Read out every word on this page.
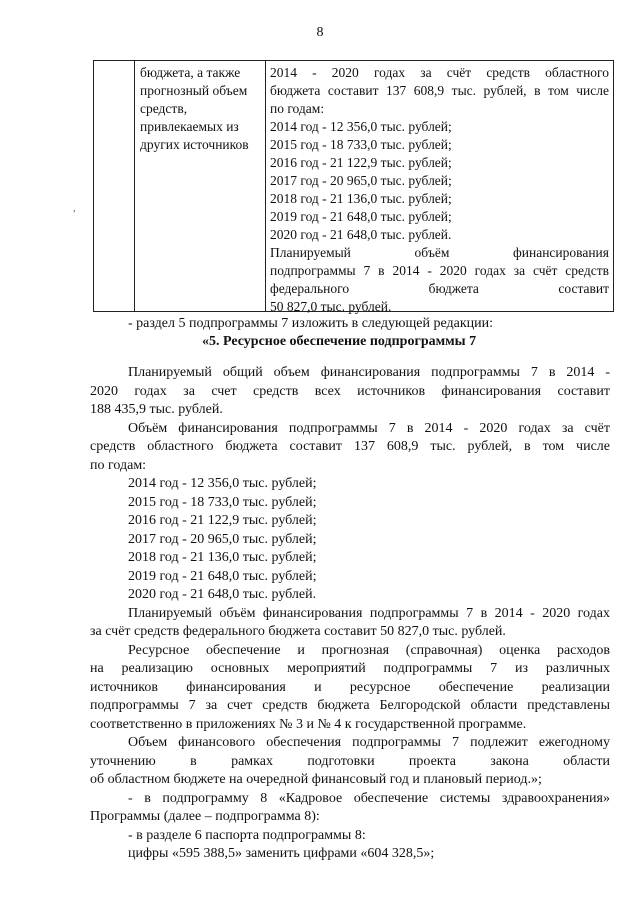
8
,
бюджета, а также
прогнозный объем
средств,
привлекаемых из
других источников
2014 - 2020 годах за счёт средств областного
бюджета составит 137 608,9 тыс. рублей, в том числе
по годам:
2014 год - 12 356,0 тыс. рублей;
2015 год - 18 733,0 тыс. рублей;
2016 год - 21 122,9 тыс. рублей;
2017 год - 20 965,0 тыс. рублей;
2018 год - 21 136,0 тыс. рублей;
2019 год - 21 648,0 тыс. рублей;
2020 год - 21 648,0 тыс. рублей.
Планируемый объём финансирования
подпрограммы 7 в 2014 - 2020 годах за счёт средств
федерального бюджета составит
50 827,0 тыс. рублей.
- раздел 5 подпрограммы 7 изложить в следующей редакции:
«5. Ресурсное обеспечение подпрограммы 7
Планируемый общий объем финансирования подпрограммы 7 в 2014 -
2020 годах за счет средств всех источников финансирования составит
188 435,9 тыс. рублей.
Объём финансирования подпрограммы 7 в 2014 - 2020 годах за счёт
средств областного бюджета составит 137 608,9 тыс. рублей, в том числе
по годам:
2014 год - 12 356,0 тыс. рублей;
2015 год - 18 733,0 тыс. рублей;
2016 год - 21 122,9 тыс. рублей;
2017 год - 20 965,0 тыс. рублей;
2018 год - 21 136,0 тыс. рублей;
2019 год - 21 648,0 тыс. рублей;
2020 год - 21 648,0 тыс. рублей.
Планируемый объём финансирования подпрограммы 7 в 2014 - 2020 годах
за счёт средств федерального бюджета составит 50 827,0 тыс. рублей.
Ресурсное обеспечение и прогнозная (справочная) оценка расходов
на реализацию основных мероприятий подпрограммы 7 из различных
источников финансирования и ресурсное обеспечение реализации
подпрограммы 7 за счет средств бюджета Белгородской области представлены
соответственно в приложениях № 3 и № 4 к государственной программе.
Объем финансового обеспечения подпрограммы 7 подлежит ежегодному
уточнению в рамках подготовки проекта закона области
об областном бюджете на очередной финансовый год и плановый период.»;
- в подпрограмму 8 «Кадровое обеспечение системы здравоохранения»
Программы (далее – подпрограмма 8):
- в разделе 6 паспорта подпрограммы 8:
цифры «595 388,5» заменить цифрами «604 328,5»;
